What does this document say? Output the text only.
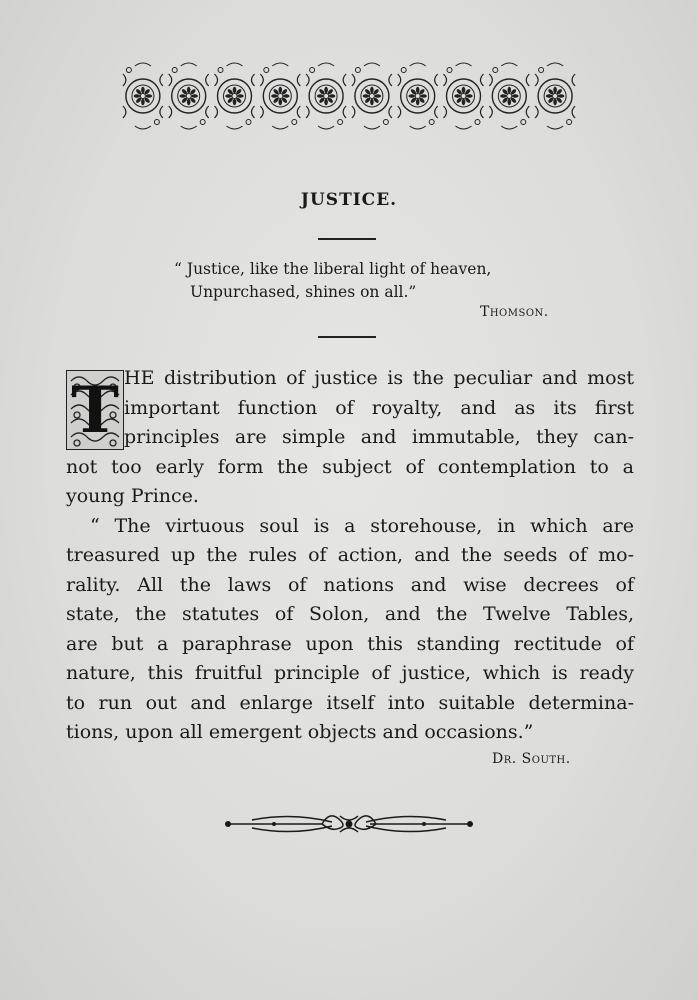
JUSTICE.
“ Justice, like the liberal light of heaven,
Unpurchased, shines on all.”
Thomson.
T HE distribution of justice is the peculiar and most
important function of royalty, and as its first
principles are simple and immutable, they can-
not too early form the subject of contemplation to a
young Prince.
“ The virtuous soul is a storehouse, in which are
treasured up the rules of action, and the seeds of mo-
rality. All the laws of nations and wise decrees of
state, the statutes of Solon, and the Twelve Tables,
are but a paraphrase upon this standing rectitude of
nature, this fruitful principle of justice, which is ready
to run out and enlarge itself into suitable determina-
tions, upon all emergent objects and occasions.”
Dr. South.
